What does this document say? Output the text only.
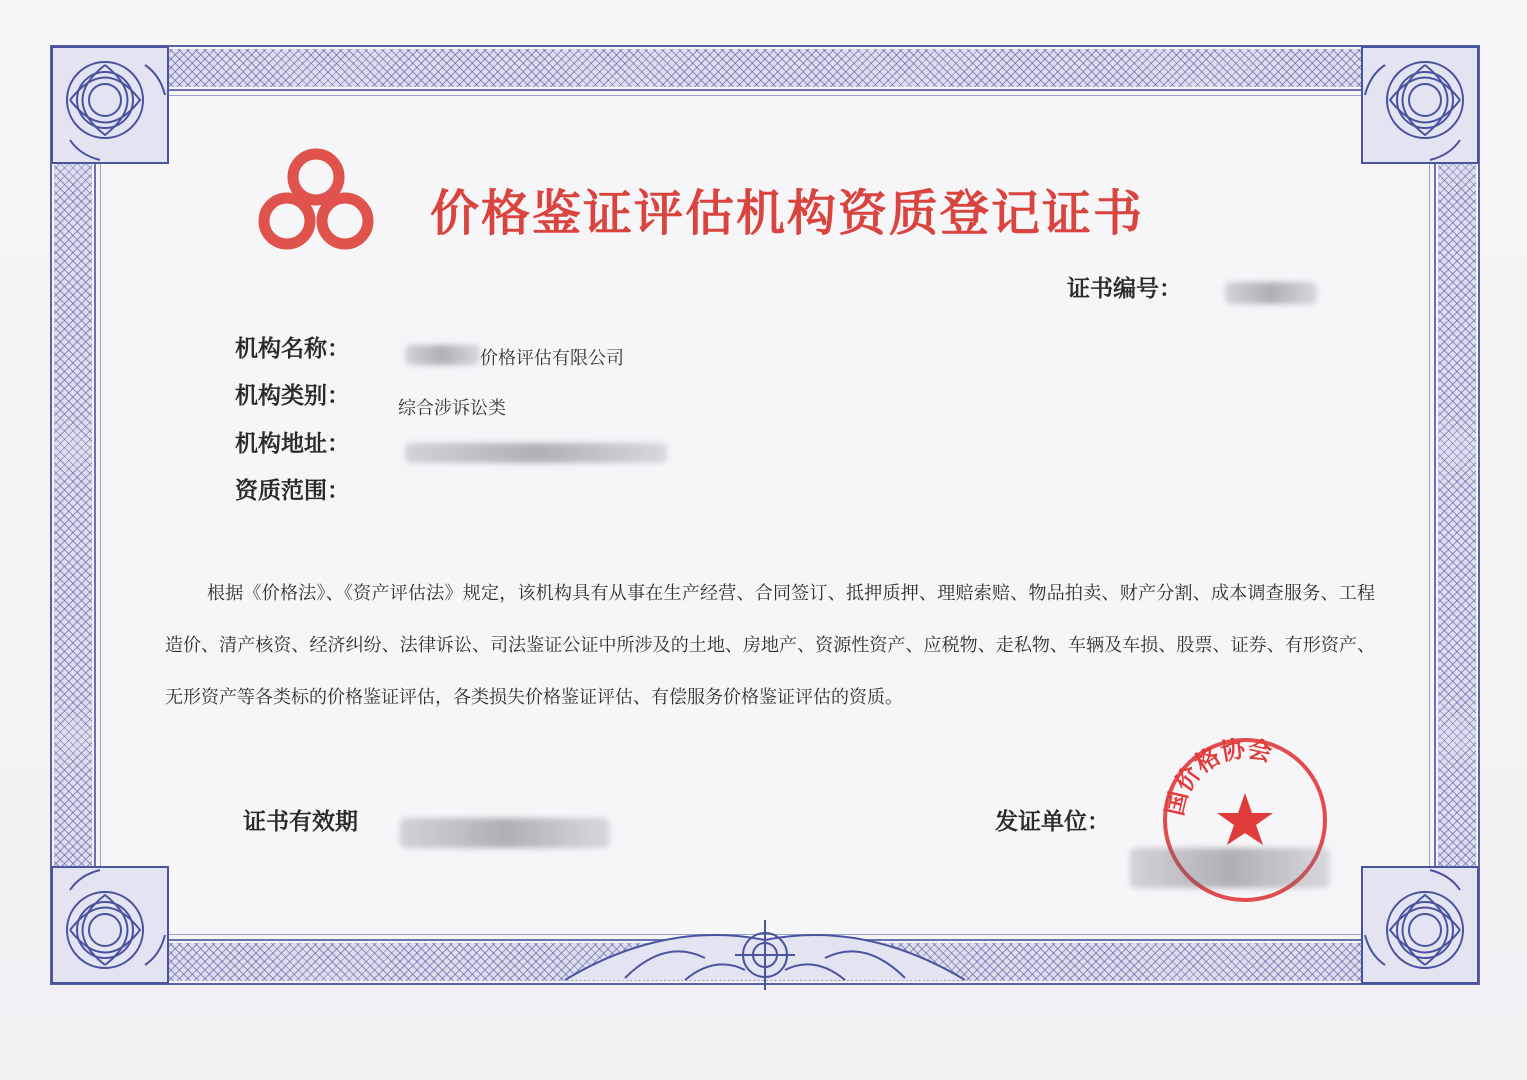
价格鉴证评估机构资质登记证书
证书编号：
机构名称：	价格评估有限公司
机构类别：	综合涉诉讼类
机构地址：
资质范围：
根据《价格法》、《资产评估法》规定，该机构具有从事在生产经营、合同签订、抵押质押、理赔索赔、物品拍卖、财产分割、成本调查服务、工程造价、清产核资、经济纠纷、法律诉讼、司法鉴证公证中所涉及的土地、房地产、资源性资产、应税物、走私物、车辆及车损、股票、证券、有形资产、无形资产等各类标的价格鉴证评估，各类损失价格鉴证评估、有偿服务价格鉴证评估的资质。
证书有效期	发证单位：
国价格协会
